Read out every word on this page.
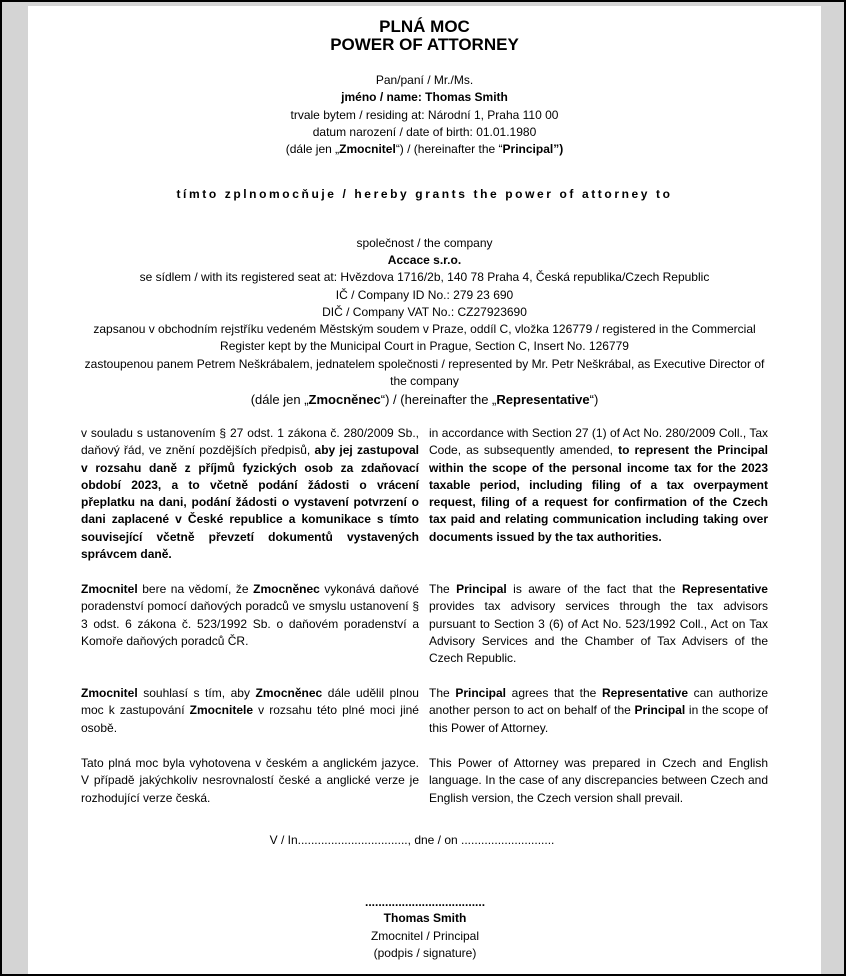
PLNÁ MOC
POWER OF ATTORNEY
Pan/paní / Mr./Ms.
jméno / name: Thomas Smith
trvale bytem / residing at: Národní 1, Praha 110 00
datum narození / date of birth: 01.01.1980
(dále jen „Zmocnitel“) / (hereinafter the “Principal”)
tímto zplnomocňuje / hereby grants the power of attorney to
společnost / the company
Accace s.r.o.
se sídlem / with its registered seat at: Hvězdova 1716/2b, 140 78 Praha 4, Česká republika/Czech Republic
IČ / Company ID No.: 279 23 690
DIČ / Company VAT No.: CZ27923690
zapsanou v obchodním rejstříku vedeném Městským soudem v Praze, oddíl C, vložka 126779 / registered in the Commercial
Register kept by the Municipal Court in Prague, Section C, Insert No. 126779
zastoupenou panem Petrem Neškrábalem, jednatelem společnosti / represented by Mr. Petr Neškrábal, as Executive Director of
the company
(dále jen „Zmocněnec“) / (hereinafter the „Representative“)
v souladu s ustanovením § 27 odst. 1 zákona č. 280/2009 Sb., daňový řád, ve znění pozdějších předpisů, aby jej zastupoval v rozsahu daně z příjmů fyzických osob za zdaňovací období 2023, a to včetně podání žádosti o vrácení přeplatku na dani, podání žádosti o vystavení potvrzení o dani zaplacené v České republice a komunikace s tímto související včetně převzetí dokumentů vystavených správcem daně.
in accordance with Section 27 (1) of Act No. 280/2009 Coll., Tax Code, as subsequently amended, to represent the Principal within the scope of the personal income tax for the 2023 taxable period, including filing of a tax overpayment request, filing of a request for confirmation of the Czech tax paid and relating communication including taking over documents issued by the tax authorities.
Zmocnitel bere na vědomí, že Zmocněnec vykonává daňové poradenství pomocí daňových poradců ve smyslu ustanovení § 3 odst. 6 zákona č. 523/1992 Sb. o daňovém poradenství a Komoře daňových poradců ČR.
The Principal is aware of the fact that the Representative provides tax advisory services through the tax advisors pursuant to Section 3 (6) of Act No. 523/1992 Coll., Act on Tax Advisory Services and the Chamber of Tax Advisers of the Czech Republic.
Zmocnitel souhlasí s tím, aby Zmocněnec dále udělil plnou moc k zastupování Zmocnitele v rozsahu této plné moci jiné osobě.
The Principal agrees that the Representative can authorize another person to act on behalf of the Principal in the scope of this Power of Attorney.
Tato plná moc byla vyhotovena v českém a anglickém jazyce. V případě jakýchkoliv nesrovnalostí české a anglické verze je rozhodující verze česká.
This Power of Attorney was prepared in Czech and English language. In the case of any discrepancies between Czech and English version, the Czech version shall prevail.
V / In................................., dne / on ............................
....................................
Thomas Smith
Zmocnitel / Principal
(podpis / signature)
